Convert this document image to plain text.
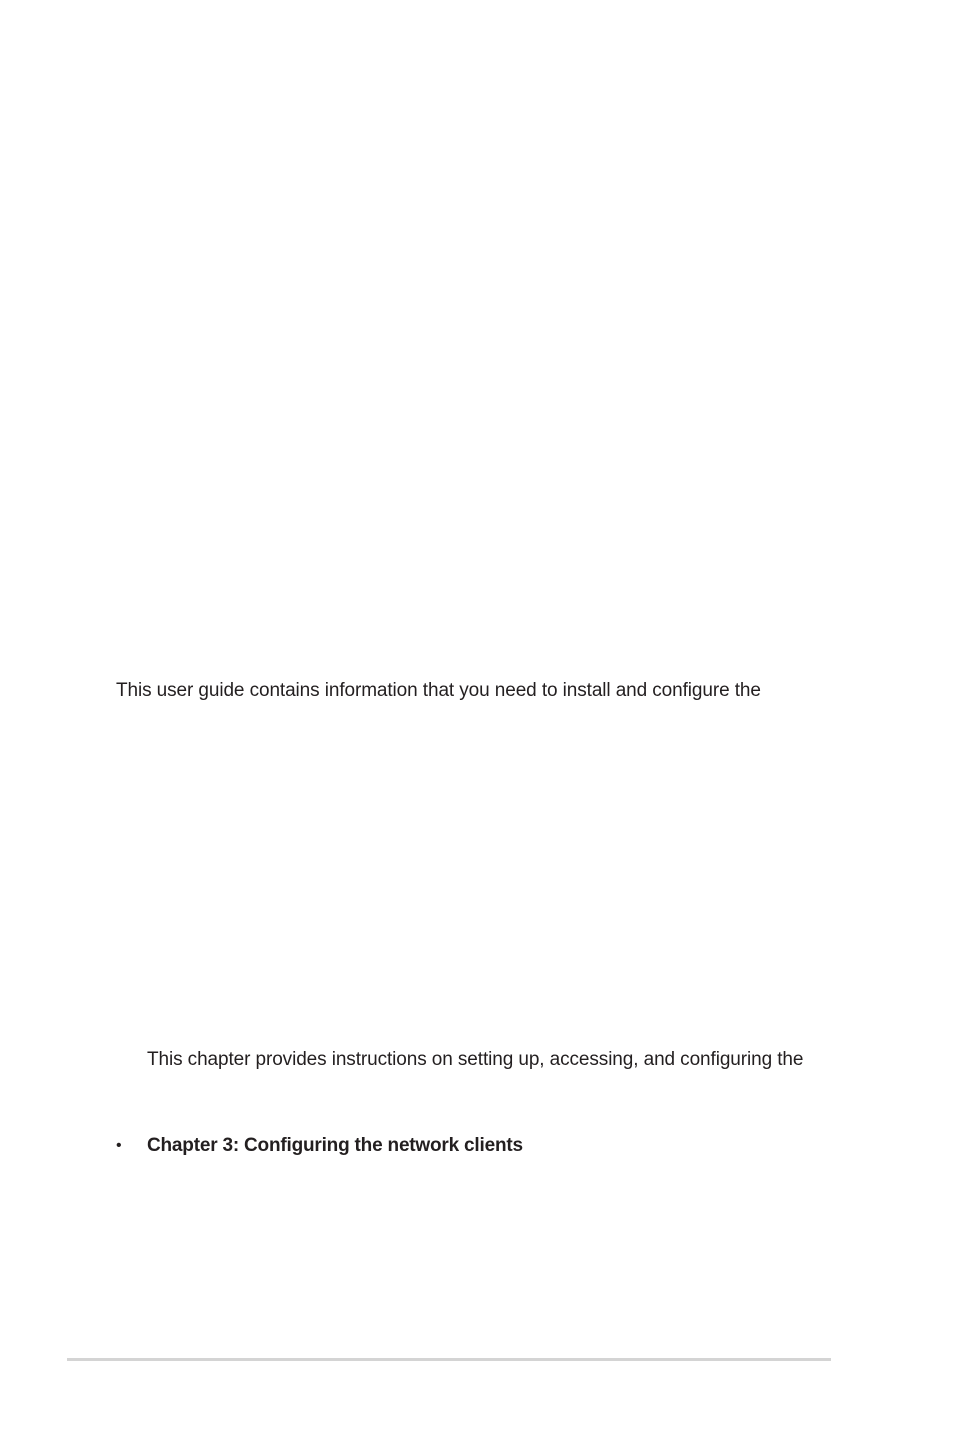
This user guide contains information that you need to install and configure the

This chapter provides instructions on setting up, accessing, and configuring the

• Chapter 3: Configuring the network clients
